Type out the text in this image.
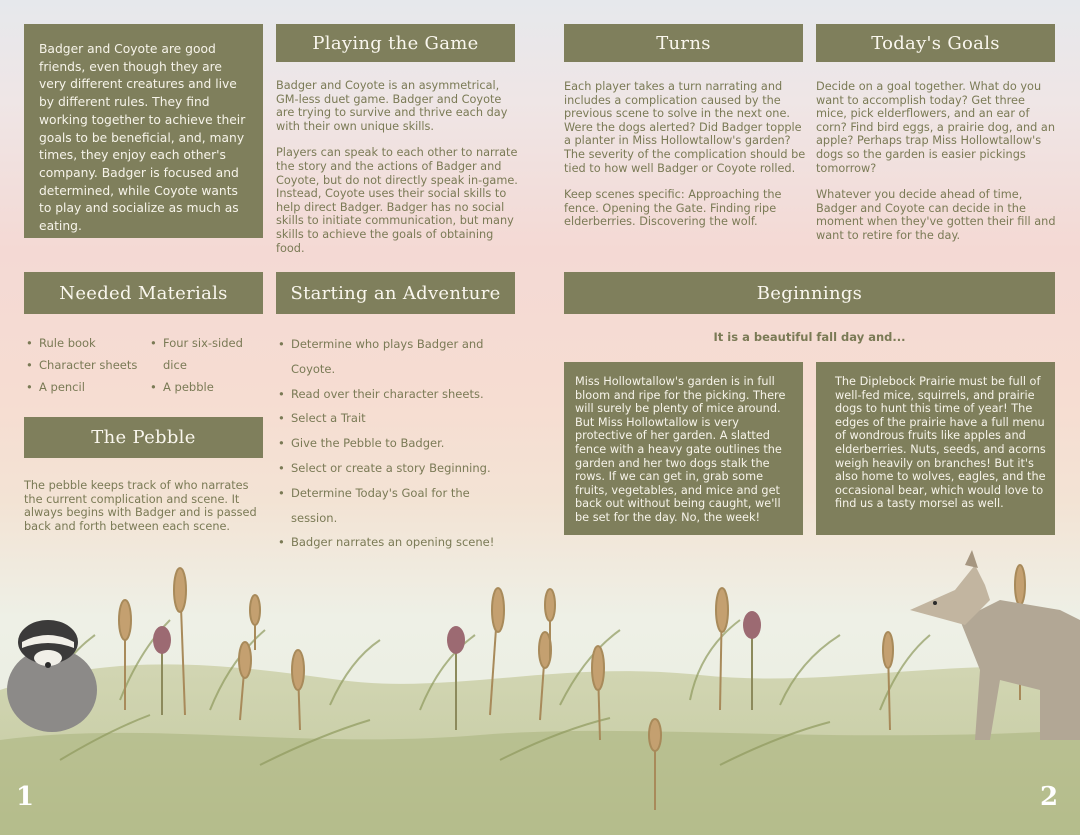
Badger and Coyote are good friends, even though they are very different creatures and live by different rules. They find working together to achieve their goals to be beneficial, and, many times, they enjoy each other's company. Badger is focused and determined, while Coyote wants to play and socialize as much as eating.
Playing the Game

Badger and Coyote is an asymmetrical, GM-less duet game. Badger and Coyote are trying to survive and thrive each day with their own unique skills.

Players can speak to each other to narrate the story and the actions of Badger and Coyote, but do not directly speak in-game. Instead, Coyote uses their social skills to help direct Badger. Badger has no social skills to initiate communication, but many skills to achieve the goals of obtaining food.

Turns

Each player takes a turn narrating and includes a complication caused by the previous scene to solve in the next one. Were the dogs alerted? Did Badger topple a planter in Miss Hollowtallow's garden? The severity of the complication should be tied to how well Badger or Coyote rolled.

Keep scenes specific: Approaching the fence. Opening the Gate. Finding ripe elderberries. Discovering the wolf.

Today's Goals

Decide on a goal together. What do you want to accomplish today? Get three mice, pick elderflowers, and an ear of corn? Find bird eggs, a prairie dog, and an apple? Perhaps trap Miss Hollowtallow's dogs so the garden is easier pickings tomorrow?

Whatever you decide ahead of time, Badger and Coyote can decide in the moment when they've gotten their fill and want to retire for the day.

Needed Materials
• Rule book
• Character sheets
• A pencil
• Four six-sided dice
• A pebble
Starting an Adventure
• Determine who plays Badger and Coyote.
• Read over their character sheets.
• Select a Trait
• Give the Pebble to Badger.
• Select or create a story Beginning.
• Determine Today's Goal for the session.
• Badger narrates an opening scene!
The Pebble
The pebble keeps track of who narrates the current complication and scene. It always begins with Badger and is passed back and forth between each scene.
Beginnings
It is a beautiful fall day and...
Miss Hollowtallow's garden is in full bloom and ripe for the picking. There will surely be plenty of mice around. But Miss Hollowtallow is very protective of her garden. A slatted fence with a heavy gate outlines the garden and her two dogs stalk the rows. If we can get in, grab some fruits, vegetables, and mice and get back out without being caught, we'll be set for the day. No, the week!
The Diplebock Prairie must be full of well-fed mice, squirrels, and prairie dogs to hunt this time of year! The edges of the prairie have a full menu of wondrous fruits like apples and elderberries. Nuts, seeds, and acorns weigh heavily on branches! But it's also home to wolves, eagles, and the occasional bear, which would love to find us a tasty morsel as well.
1	2
